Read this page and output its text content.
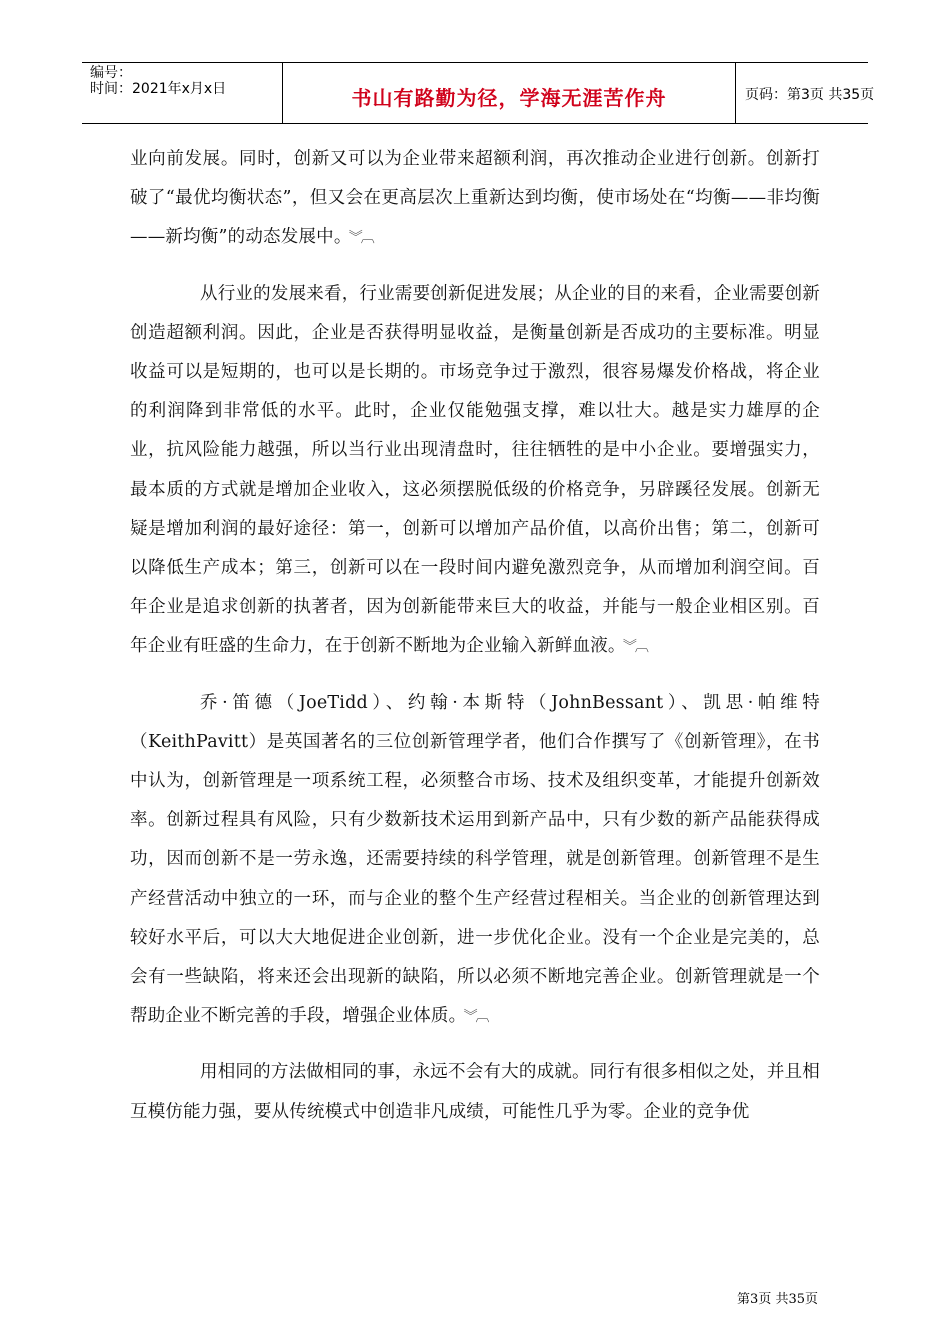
编号：
时间：2021年x月x日	书山有路勤为径，学海无涯苦作舟	页码：第3页 共35页

业向前发展。同时，创新又可以为企业带来超额利润，再次推动企业进行创新。创新打破了“最优均衡状态”，但又会在更高层次上重新达到均衡，使市场处在“均衡——非均衡——新均衡”的动态发展中。 ︾︹

从行业的发展来看，行业需要创新促进发展；从企业的目的来看，企业需要创新创造超额利润。因此，企业是否获得明显收益，是衡量创新是否成功的主要标准。明显收益可以是短期的，也可以是长期的。市场竞争过于激烈，很容易爆发价格战，将企业的利润降到非常低的水平。此时，企业仅能勉强支撑，难以壮大。越是实力雄厚的企业，抗风险能力越强，所以当行业出现清盘时，往往牺牲的是中小企业。要增强实力，最本质的方式就是增加企业收入，这必须摆脱低级的价格竞争，另辟蹊径发展。创新无疑是增加利润的最好途径：第一，创新可以增加产品价值，以高价出售；第二，创新可以降低生产成本；第三，创新可以在一段时间内避免激烈竞争，从而增加利润空间。百年企业是追求创新的执著者，因为创新能带来巨大的收益，并能与一般企业相区别。百年企业有旺盛的生命力，在于创新不断地为企业输入新鲜血液。 ︾︹

乔·笛德（JoeTidd）、约翰·本斯特（JohnBessant）、凯思·帕维特（KeithPavitt）是英国著名的三位创新管理学者，他们合作撰写了《创新管理》，在书中认为，创新管理是一项系统工程，必须整合市场、技术及组织变革，才能提升创新效率。创新过程具有风险，只有少数新技术运用到新产品中，只有少数的新产品能获得成功，因而创新不是一劳永逸，还需要持续的科学管理，就是创新管理。创新管理不是生产经营活动中独立的一环，而与企业的整个生产经营过程相关。当企业的创新管理达到较好水平后，可以大大地促进企业创新，进一步优化企业。没有一个企业是完美的，总会有一些缺陷，将来还会出现新的缺陷，所以必须不断地完善企业。创新管理就是一个帮助企业不断完善的手段，增强企业体质。 ︾︹

用相同的方法做相同的事，永远不会有大的成就。同行有很多相似之处，并且相互模仿能力强，要从传统模式中创造非凡成绩，可能性几乎为零。企业的竞争优

第3页 共35页
